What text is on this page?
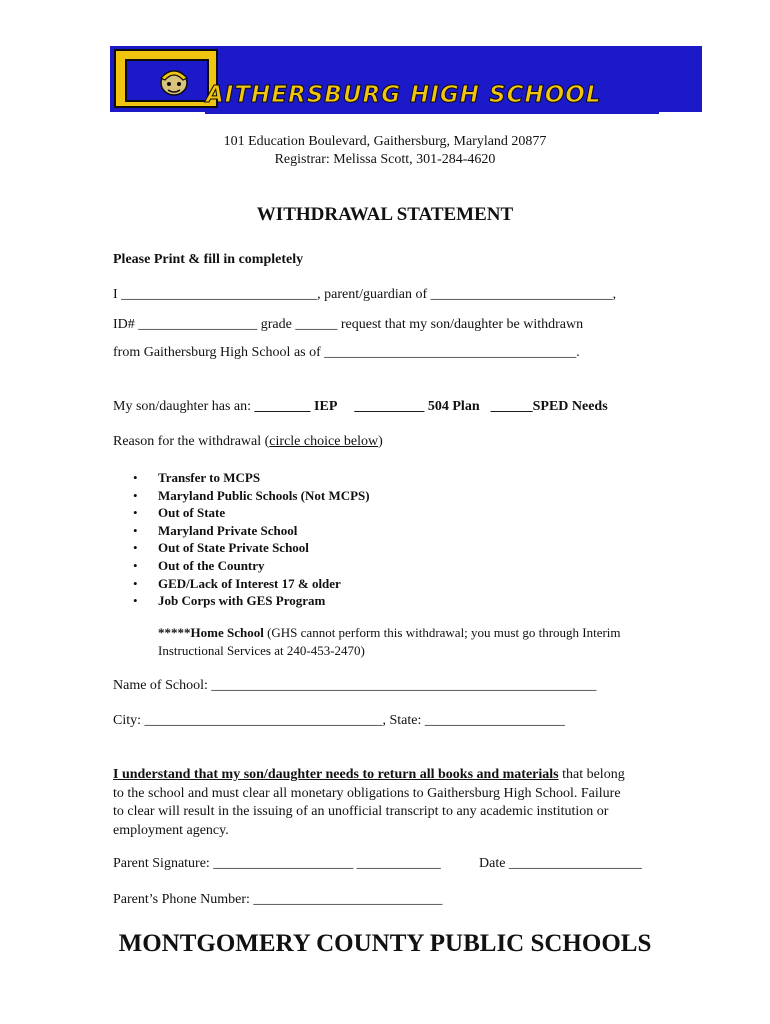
AITHERSBURG HIGH SCHOOL
101 Education Boulevard, Gaithersburg, Maryland 20877
Registrar: Melissa Scott, 301-284-4620
WITHDRAWAL STATEMENT
Please Print & fill in completely
I ____________________________, parent/guardian of __________________________,
ID# _________________ grade ______ request that my son/daughter be withdrawn
from Gaithersburg High School as of ____________________________________.
My son/daughter has an: ________ IEP __________ 504 Plan ______SPED Needs
Reason for the withdrawal (circle choice below)
• Transfer to MCPS
• Maryland Public Schools (Not MCPS)
• Out of State
• Maryland Private School
• Out of State Private School
• Out of the Country
• GED/Lack of Interest 17 & older
• Job Corps with GES Program
*****Home School (GHS cannot perform this withdrawal; you must go through Interim Instructional Services at 240-453-2470)
Name of School: _______________________________________________________
City: __________________________________, State: ____________________
I understand that my son/daughter needs to return all books and materials that belong to the school and must clear all monetary obligations to Gaithersburg High School. Failure to clear will result in the issuing of an unofficial transcript to any academic institution or employment agency.
Parent Signature: ____________________ ____________	Date ___________________
Parent’s Phone Number: ___________________________
MONTGOMERY COUNTY PUBLIC SCHOOLS
